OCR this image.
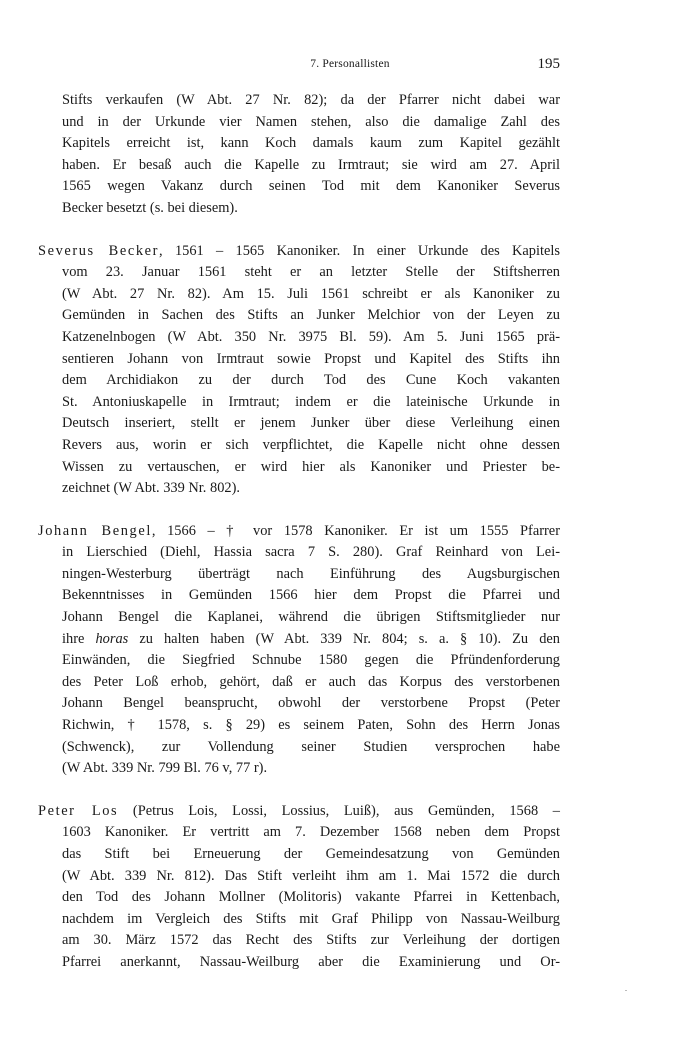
7. Personallisten	195

Stifts verkaufen (W Abt. 27 Nr. 82); da der Pfarrer nicht dabei war
und in der Urkunde vier Namen stehen, also die damalige Zahl des
Kapitels erreicht ist, kann Koch damals kaum zum Kapitel gezählt
haben. Er besaß auch die Kapelle zu Irmtraut; sie wird am 27. April
1565 wegen Vakanz durch seinen Tod mit dem Kanoniker Severus
Becker besetzt (s. bei diesem).

Severus Becker, 1561 – 1565 Kanoniker. In einer Urkunde des Kapitels
vom 23. Januar 1561 steht er an letzter Stelle der Stiftsherren
(W Abt. 27 Nr. 82). Am 15. Juli 1561 schreibt er als Kanoniker zu
Gemünden in Sachen des Stifts an Junker Melchior von der Leyen zu
Katzenelnbogen (W Abt. 350 Nr. 3975 Bl. 59). Am 5. Juni 1565 prä-
sentieren Johann von Irmtraut sowie Propst und Kapitel des Stifts ihn
dem Archidiakon zu der durch Tod des Cune Koch vakanten
St. Antoniuskapelle in Irmtraut; indem er die lateinische Urkunde in
Deutsch inseriert, stellt er jenem Junker über diese Verleihung einen
Revers aus, worin er sich verpflichtet, die Kapelle nicht ohne dessen
Wissen zu vertauschen, er wird hier als Kanoniker und Priester be-
zeichnet (W Abt. 339 Nr. 802).

Johann Bengel, 1566 – † vor 1578 Kanoniker. Er ist um 1555 Pfarrer
in Lierschied (Diehl, Hassia sacra 7 S. 280). Graf Reinhard von Lei-
ningen-Westerburg überträgt nach Einführung des Augsburgischen
Bekenntnisses in Gemünden 1566 hier dem Propst die Pfarrei und
Johann Bengel die Kaplanei, während die übrigen Stiftsmitglieder nur
ihre horas zu halten haben (W Abt. 339 Nr. 804; s. a. § 10). Zu den
Einwänden, die Siegfried Schnube 1580 gegen die Pfründenforderung
des Peter Loß erhob, gehört, daß er auch das Korpus des verstorbenen
Johann Bengel beansprucht, obwohl der verstorbene Propst (Peter
Richwin, † 1578, s. § 29) es seinem Paten, Sohn des Herrn Jonas
(Schwenck), zur Vollendung seiner Studien versprochen habe
(W Abt. 339 Nr. 799 Bl. 76 v, 77 r).

Peter Los (Petrus Lois, Lossi, Lossius, Luiß), aus Gemünden, 1568 –
1603 Kanoniker. Er vertritt am 7. Dezember 1568 neben dem Propst
das Stift bei Erneuerung der Gemeindesatzung von Gemünden
(W Abt. 339 Nr. 812). Das Stift verleiht ihm am 1. Mai 1572 die durch
den Tod des Johann Mollner (Molitoris) vakante Pfarrei in Kettenbach,
nachdem im Vergleich des Stifts mit Graf Philipp von Nassau-Weilburg
am 30. März 1572 das Recht des Stifts zur Verleihung der dortigen
Pfarrei anerkannt, Nassau-Weilburg aber die Examinierung und Or-
